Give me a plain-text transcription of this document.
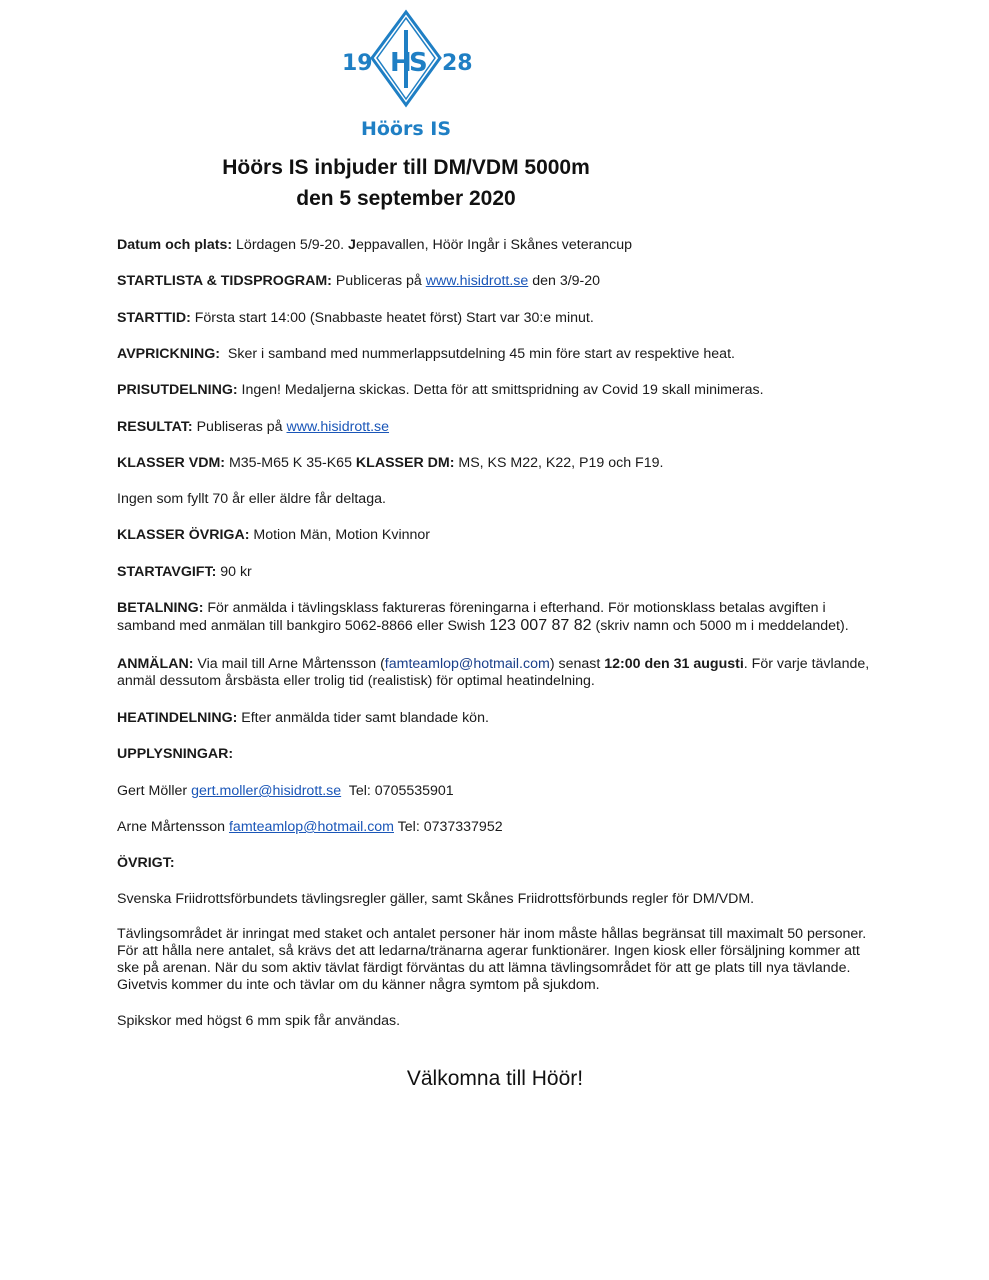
H
S
19	28
Höörs IS
Höörs IS inbjuder till DM/VDM 5000m
den 5 september 2020
Datum och plats: Lördagen 5/9-20. Jeppavallen, Höör Ingår i Skånes veterancup
STARTLISTA & TIDSPROGRAM: Publiceras på www.hisidrott.se den 3/9-20
STARTTID: Första start 14:00 (Snabbaste heatet först) Start var 30:e minut.
AVPRICKNING:  Sker i samband med nummerlappsutdelning 45 min före start av respektive heat.
PRISUTDELNING: Ingen! Medaljerna skickas. Detta för att smittspridning av Covid 19 skall minimeras.
RESULTAT: Publiseras på www.hisidrott.se
KLASSER VDM: M35-M65 K 35-K65 KLASSER DM: MS, KS M22, K22, P19 och F19.
Ingen som fyllt 70 år eller äldre får deltaga.
KLASSER ÖVRIGA: Motion Män, Motion Kvinnor
STARTAVGIFT: 90 kr
BETALNING: För anmälda i tävlingsklass faktureras föreningarna i efterhand. För motionsklass betalas avgiften i samband med anmälan till bankgiro 5062-8866 eller Swish 123 007 87 82 (skriv namn och 5000 m i meddelandet).
ANMÄLAN: Via mail till Arne Mårtensson (famteamlop@hotmail.com) senast 12:00 den 31 augusti. För varje tävlande, anmäl dessutom årsbästa eller trolig tid (realistisk) för optimal heatindelning.
HEATINDELNING: Efter anmälda tider samt blandade kön.
UPPLYSNINGAR:
Gert Möller gert.moller@hisidrott.se  Tel: 0705535901
Arne Mårtensson famteamlop@hotmail.com Tel: 0737337952
ÖVRIGT:
Svenska Friidrottsförbundets tävlingsregler gäller, samt Skånes Friidrottsförbunds regler för DM/VDM.
Tävlingsområdet är inringat med staket och antalet personer här inom måste hållas begränsat till maximalt 50 personer. För att hålla nere antalet, så krävs det att ledarna/tränarna agerar funktionärer. Ingen kiosk eller försäljning kommer att ske på arenan. När du som aktiv tävlat färdigt förväntas du att lämna tävlingsområdet för att ge plats till nya tävlande. Givetvis kommer du inte och tävlar om du känner några symtom på sjukdom.
Spikskor med högst 6 mm spik får användas.
Välkomna till Höör!
